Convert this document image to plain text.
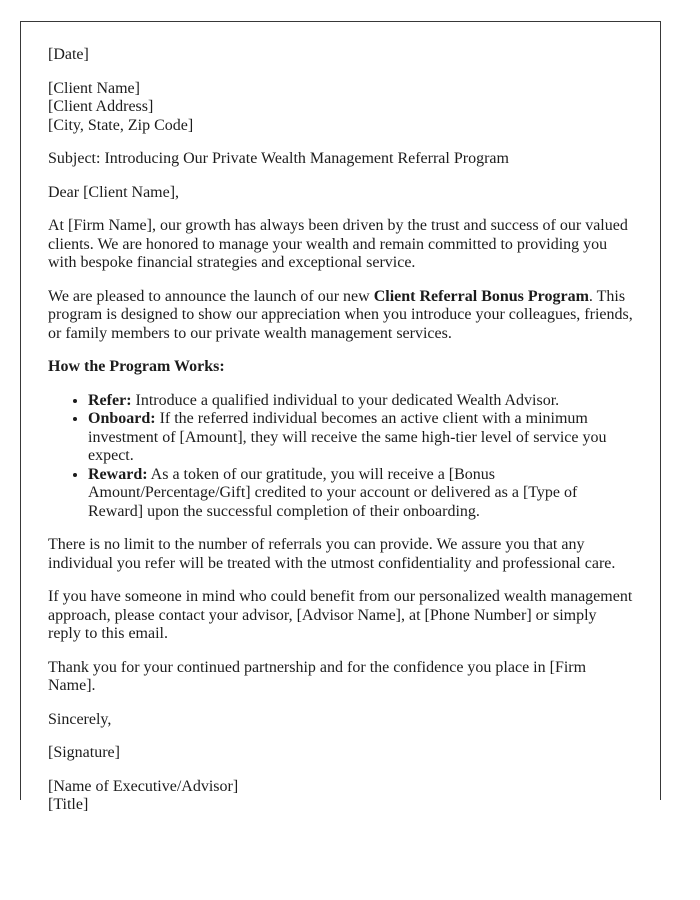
[Date]

[Client Name]
[Client Address]
[City, State, Zip Code]

Subject: Introducing Our Private Wealth Management Referral Program

Dear [Client Name],

At [Firm Name], our growth has always been driven by the trust and success of our valued clients. We are honored to manage your wealth and remain committed to providing you with bespoke financial strategies and exceptional service.

We are pleased to announce the launch of our new Client Referral Bonus Program. This program is designed to show our appreciation when you introduce your colleagues, friends, or family members to our private wealth management services.

How the Program Works:

• Refer: Introduce a qualified individual to your dedicated Wealth Advisor.
• Onboard: If the referred individual becomes an active client with a minimum investment of [Amount], they will receive the same high-tier level of service you expect.
• Reward: As a token of our gratitude, you will receive a [Bonus Amount/Percentage/Gift] credited to your account or delivered as a [Type of Reward] upon the successful completion of their onboarding.

There is no limit to the number of referrals you can provide. We assure you that any individual you refer will be treated with the utmost confidentiality and professional care.

If you have someone in mind who could benefit from our personalized wealth management approach, please contact your advisor, [Advisor Name], at [Phone Number] or simply reply to this email.

Thank you for your continued partnership and for the confidence you place in [Firm Name].

Sincerely,

[Signature]

[Name of Executive/Advisor]
[Title]
